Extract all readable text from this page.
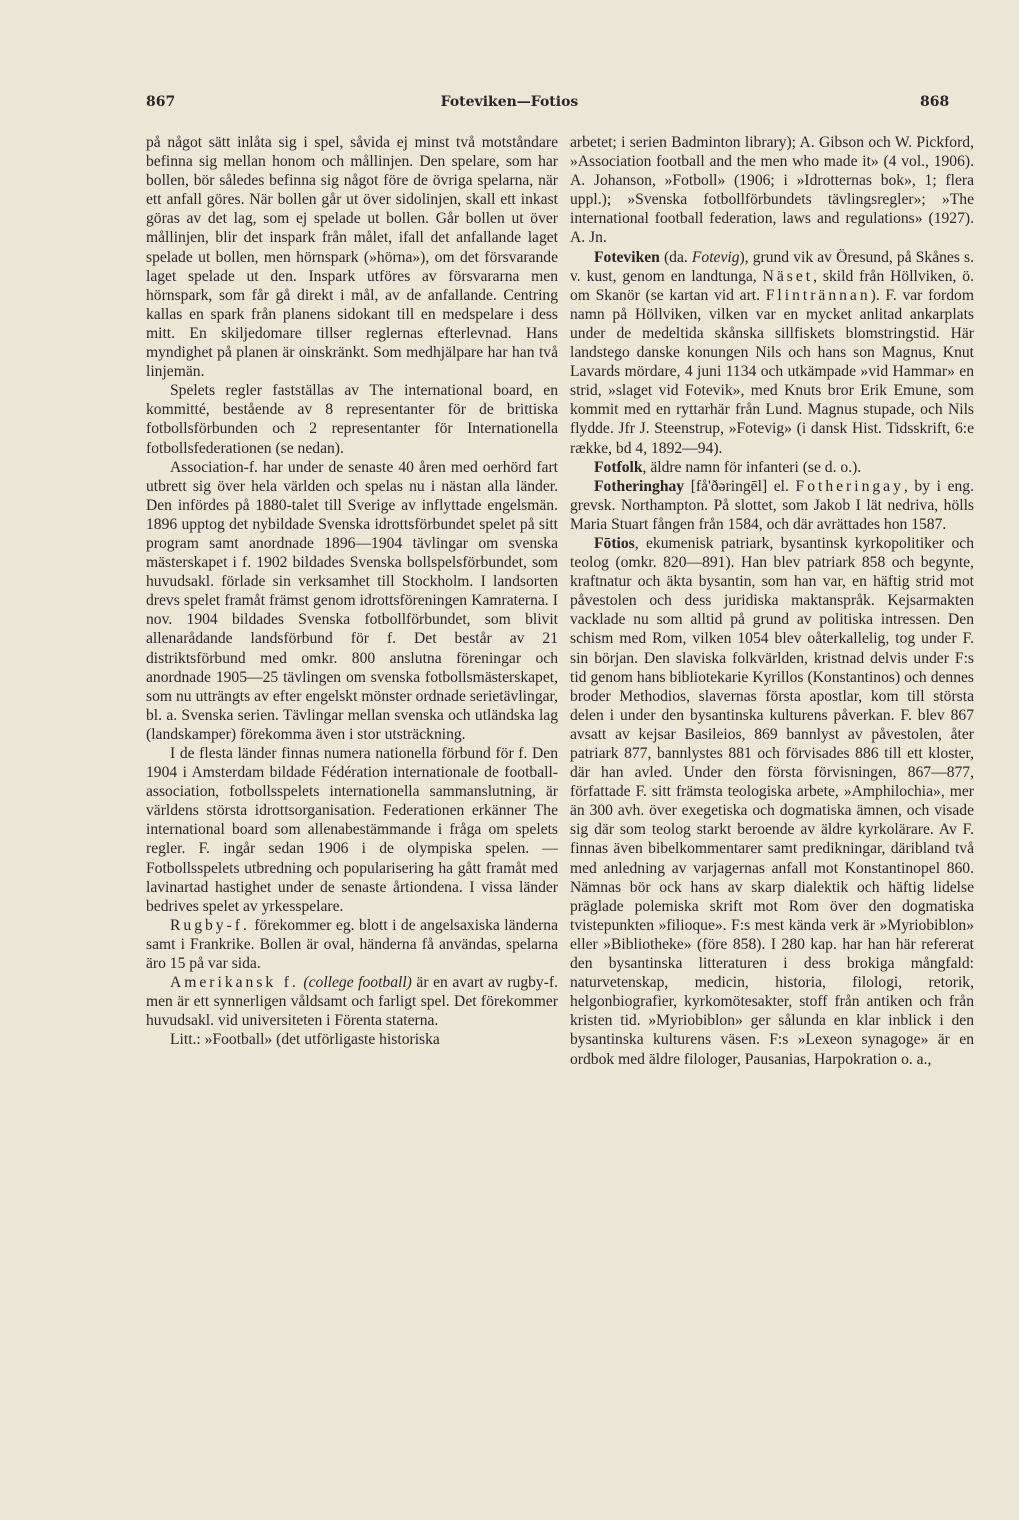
867	Foteviken—Fotios	868

på något sätt inlåta sig i spel, såvida ej minst två motståndare befinna sig mellan honom och mållinjen. Den spelare, som har bollen, bör således befinna sig något före de övriga spelarna, när ett anfall göres. När bollen går ut över sidolinjen, skall ett inkast göras av det lag, som ej spelade ut bollen. Går bollen ut över mållinjen, blir det inspark från målet, ifall det anfallande laget spelade ut bollen, men hörnspark (»hörna»), om det försvarande laget spelade ut den. Inspark utföres av försvararna men hörnspark, som får gå direkt i mål, av de anfallande. Centring kallas en spark från planens sidokant till en medspelare i dess mitt. En skiljedomare tillser reglernas efterlevnad. Hans myndighet på planen är oinskränkt. Som medhjälpare har han två linjemän.

Spelets regler fastställas av The international board, en kommitté, bestående av 8 representanter för de brittiska fotbollsförbunden och 2 representanter för Internationella fotbollsfederationen (se nedan).

Association-f. har under de senaste 40 åren med oerhörd fart utbrett sig över hela världen och spelas nu i nästan alla länder. Den infördes på 1880-talet till Sverige av inflyttade engelsmän. 1896 upptog det nybildade Svenska idrottsförbundet spelet på sitt program samt anordnade 1896—1904 tävlingar om svenska mästerskapet i f. 1902 bildades Svenska bollspelsförbundet, som huvudsakl. förlade sin verksamhet till Stockholm. I landsorten drevs spelet framåt främst genom idrottsföreningen Kamraterna. I nov. 1904 bildades Svenska fotbollförbundet, som blivit allenarådande landsförbund för f. Det består av 21 distriktsförbund med omkr. 800 anslutna föreningar och anordnade 1905—25 tävlingen om svenska fotbollsmästerskapet, som nu utträngts av efter engelskt mönster ordnade serietävlingar, bl. a. Svenska serien. Tävlingar mellan svenska och utländska lag (landskamper) förekomma även i stor utsträckning.

I de flesta länder finnas numera nationella förbund för f. Den 1904 i Amsterdam bildade Fédération internationale de football-association, fotbollsspelets internationella sammanslutning, är världens största idrottsorganisation. Federationen erkänner The international board som allenabestämmande i fråga om spelets regler. F. ingår sedan 1906 i de olympiska spelen. — Fotbollsspelets utbredning och popularisering ha gått framåt med lavinartad hastighet under de senaste årtiondena. I vissa länder bedrives spelet av yrkesspelare.

Rugby-f. förekommer eg. blott i de angelsaxiska länderna samt i Frankrike. Bollen är oval, händerna få användas, spelarna äro 15 på var sida.

Amerikansk f. (college football) är en avart av rugby-f. men är ett synnerligen våldsamt och farligt spel. Det förekommer huvudsakl. vid universiteten i Förenta staterna.

Litt.: »Football» (det utförligaste historiska

arbetet; i serien Badminton library); A. Gibson och W. Pickford, »Association football and the men who made it» (4 vol., 1906). A. Johanson, »Fotboll» (1906; i »Idrotternas bok», 1; flera uppl.); »Svenska fotbollförbundets tävlingsregler»; »The international football federation, laws and regulations» (1927). A. Jn.

Foteviken (da. Fotevig), grund vik av Öresund, på Skånes s. v. kust, genom en landtunga, Näset, skild från Höllviken, ö. om Skanör (se kartan vid art. Flintrännan). F. var fordom namn på Höllviken, vilken var en mycket anlitad ankarplats under de medeltida skånska sillfiskets blomstringstid. Här landstego danske konungen Nils och hans son Magnus, Knut Lavards mördare, 4 juni 1134 och utkämpade »vid Hammar» en strid, »slaget vid Fotevik», med Knuts bror Erik Emune, som kommit med en ryttarhär från Lund. Magnus stupade, och Nils flydde. Jfr J. Steenstrup, »Fotevig» (i dansk Hist. Tidsskrift, 6:e række, bd 4, 1892—94).

Fotfolk, äldre namn för infanteri (se d. o.).

Fotheringhay [få'ðəringēl] el. Fotheringay, by i eng. grevsk. Northampton. På slottet, som Jakob I lät nedriva, hölls Maria Stuart fången från 1584, och där avrättades hon 1587.

Fōtios, ekumenisk patriark, bysantinsk kyrkopolitiker och teolog (omkr. 820—891). Han blev patriark 858 och begynte, kraftnatur och äkta bysantin, som han var, en häftig strid mot påvestolen och dess juridiska maktanspråk. Kejsarmakten vacklade nu som alltid på grund av politiska intressen. Den schism med Rom, vilken 1054 blev oåterkallelig, tog under F. sin början. Den slaviska folkvärlden, kristnad delvis under F:s tid genom hans bibliotekarie Kyrillos (Konstantinos) och dennes broder Methodios, slavernas första apostlar, kom till största delen i under den bysantinska kulturens påverkan. F. blev 867 avsatt av kejsar Basileios, 869 bannlyst av påvestolen, åter patriark 877, bannlystes 881 och förvisades 886 till ett kloster, där han avled. Under den första förvisningen, 867—877, författade F. sitt främsta teologiska arbete, »Amphilochia», mer än 300 avh. över exegetiska och dogmatiska ämnen, och visade sig där som teolog starkt beroende av äldre kyrkolärare. Av F. finnas även bibelkommentarer samt predikningar, däribland två med anledning av varjagernas anfall mot Konstantinopel 860. Nämnas bör ock hans av skarp dialektik och häftig lidelse präglade polemiska skrift mot Rom över den dogmatiska tvistepunkten »filioque». F:s mest kända verk är »Myriobiblon» eller »Bibliotheke» (före 858). I 280 kap. har han här refererat den bysantinska litteraturen i dess brokiga mångfald: naturvetenskap, medicin, historia, filologi, retorik, helgonbiografier, kyrkomötesakter, stoff från antiken och från kristen tid. »Myriobiblon» ger sålunda en klar inblick i den bysantinska kulturens väsen. F:s »Lexeon synagoge» är en ordbok med äldre filologer, Pausanias, Harpokration o. a.,
